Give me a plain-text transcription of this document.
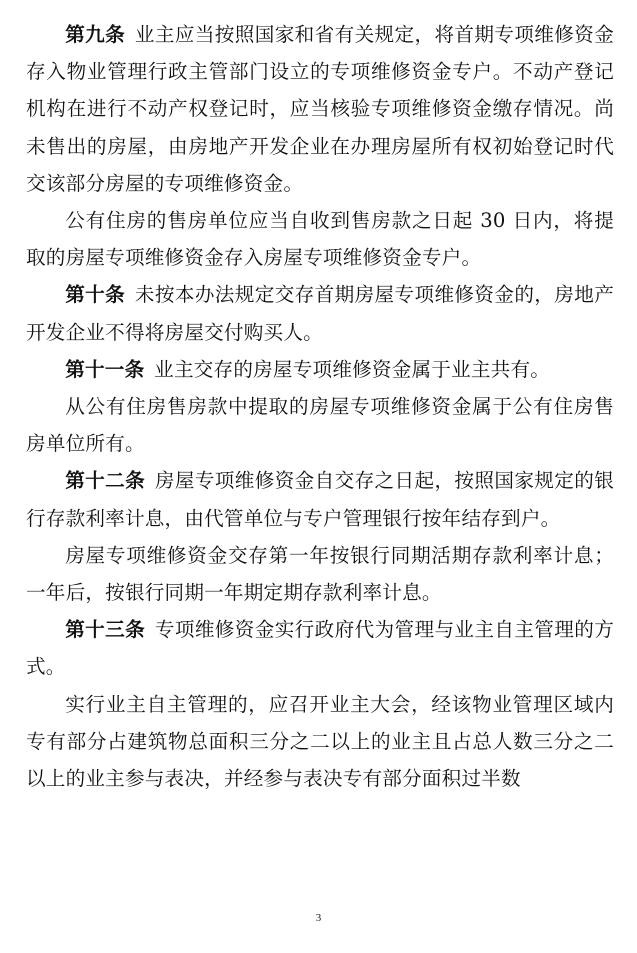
第九条 业主应当按照国家和省有关规定，将首期专项维修资金存入物业管理行政主管部门设立的专项维修资金专户。不动产登记机构在进行不动产权登记时，应当核验专项维修资金缴存情况。尚未售出的房屋，由房地产开发企业在办理房屋所有权初始登记时代交该部分房屋的专项维修资金。

公有住房的售房单位应当自收到售房款之日起 30 日内，将提取的房屋专项维修资金存入房屋专项维修资金专户。

第十条 未按本办法规定交存首期房屋专项维修资金的，房地产开发企业不得将房屋交付购买人。

第十一条 业主交存的房屋专项维修资金属于业主共有。

从公有住房售房款中提取的房屋专项维修资金属于公有住房售房单位所有。

第十二条 房屋专项维修资金自交存之日起，按照国家规定的银行存款利率计息，由代管单位与专户管理银行按年结存到户。

房屋专项维修资金交存第一年按银行同期活期存款利率计息；一年后，按银行同期一年期定期存款利率计息。

第十三条 专项维修资金实行政府代为管理与业主自主管理的方式。

实行业主自主管理的，应召开业主大会，经该物业管理区域内专有部分占建筑物总面积三分之二以上的业主且占总人数三分之二以上的业主参与表决，并经参与表决专有部分面积过半数

3
